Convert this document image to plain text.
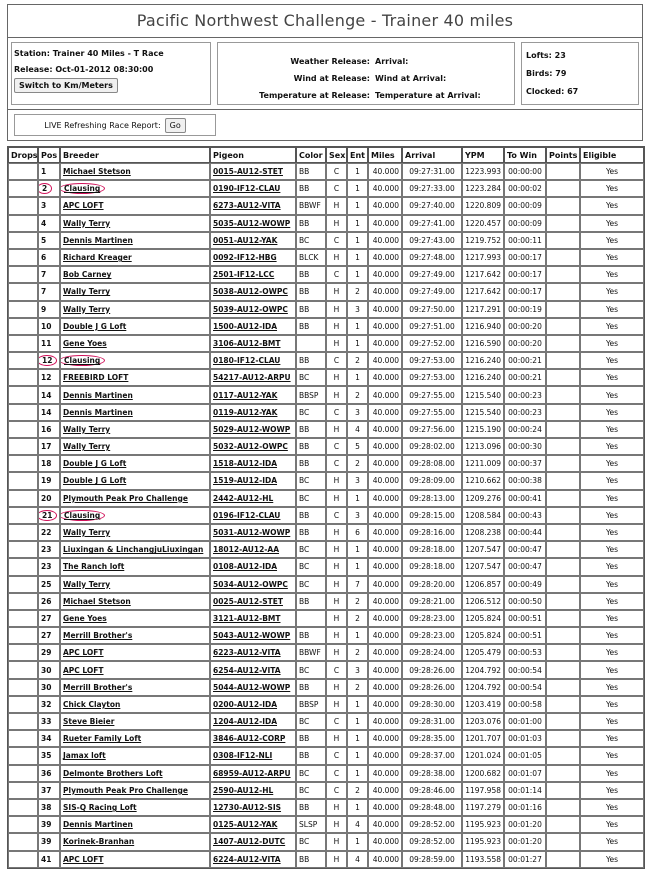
Pacific Northwest Challenge - Trainer 40 miles
Station: Trainer 40 Miles - T Race
Release: Oct-01-2012 08:30:00
Switch to Km/Meters
Weather Release: Arrival:
Wind at Release: Wind at Arrival:
Temperature at Release: Temperature at Arrival:
Lofts: 23
Birds: 79
Clocked: 67
LIVE Refreshing Race Report:	Go
Drops	Pos	Breeder	Pigeon	Color	Sex	Ent	Miles	Arrival	YPM	To Win	Points	Eligible
	1	Michael Stetson	0015-AU12-STET	BB	C	1	40.000	09:27:31.00	1223.993	00:00:00		Yes
	2	Clausing	0190-IF12-CLAU	BB	C	1	40.000	09:27:33.00	1223.284	00:00:02		Yes
	3	APC LOFT	6273-AU12-VITA	BBWF	H	1	40.000	09:27:40.00	1220.809	00:00:09		Yes
	4	Wally Terry	5035-AU12-WOWP	BB	H	1	40.000	09:27:41.00	1220.457	00:00:09		Yes
	5	Dennis Martinen	0051-AU12-YAK	BC	C	1	40.000	09:27:43.00	1219.752	00:00:11		Yes
	6	Richard Kreager	0092-IF12-HBG	BLCK	H	1	40.000	09:27:48.00	1217.993	00:00:17		Yes
	7	Bob Carney	2501-IF12-LCC	BB	C	1	40.000	09:27:49.00	1217.642	00:00:17		Yes
	7	Wally Terry	5038-AU12-OWPC	BB	H	2	40.000	09:27:49.00	1217.642	00:00:17		Yes
	9	Wally Terry	5039-AU12-OWPC	BB	H	3	40.000	09:27:50.00	1217.291	00:00:19		Yes
	10	Double J G Loft	1500-AU12-IDA	BB	H	1	40.000	09:27:51.00	1216.940	00:00:20		Yes
	11	Gene Yoes	3106-AU12-BMT		H	1	40.000	09:27:52.00	1216.590	00:00:20		Yes
	12	Clausing	0180-IF12-CLAU	BB	C	2	40.000	09:27:53.00	1216.240	00:00:21		Yes
	12	FREEBIRD LOFT	54217-AU12-ARPU	BC	H	1	40.000	09:27:53.00	1216.240	00:00:21		Yes
	14	Dennis Martinen	0117-AU12-YAK	BBSP	H	2	40.000	09:27:55.00	1215.540	00:00:23		Yes
	14	Dennis Martinen	0119-AU12-YAK	BC	C	3	40.000	09:27:55.00	1215.540	00:00:23		Yes
	16	Wally Terry	5029-AU12-WOWP	BB	H	4	40.000	09:27:56.00	1215.190	00:00:24		Yes
	17	Wally Terry	5032-AU12-OWPC	BB	C	5	40.000	09:28:02.00	1213.096	00:00:30		Yes
	18	Double J G Loft	1518-AU12-IDA	BB	C	2	40.000	09:28:08.00	1211.009	00:00:37		Yes
	19	Double J G Loft	1519-AU12-IDA	BC	H	3	40.000	09:28:09.00	1210.662	00:00:38		Yes
	20	Plymouth Peak Pro Challenge	2442-AU12-HL	BC	H	1	40.000	09:28:13.00	1209.276	00:00:41		Yes
	21	Clausing	0196-IF12-CLAU	BB	C	3	40.000	09:28:15.00	1208.584	00:00:43		Yes
	22	Wally Terry	5031-AU12-WOWP	BB	H	6	40.000	09:28:16.00	1208.238	00:00:44		Yes
	23	Liuxingan & LinchangjuLiuxingan	18012-AU12-AA	BC	H	1	40.000	09:28:18.00	1207.547	00:00:47		Yes
	23	The Ranch loft	0108-AU12-IDA	BC	H	1	40.000	09:28:18.00	1207.547	00:00:47		Yes
	25	Wally Terry	5034-AU12-OWPC	BC	H	7	40.000	09:28:20.00	1206.857	00:00:49		Yes
	26	Michael Stetson	0025-AU12-STET	BB	H	2	40.000	09:28:21.00	1206.512	00:00:50		Yes
	27	Gene Yoes	3121-AU12-BMT		H	2	40.000	09:28:23.00	1205.824	00:00:51		Yes
	27	Merrill Brother's	5043-AU12-WOWP	BB	H	1	40.000	09:28:23.00	1205.824	00:00:51		Yes
	29	APC LOFT	6223-AU12-VITA	BBWF	H	2	40.000	09:28:24.00	1205.479	00:00:53		Yes
	30	APC LOFT	6254-AU12-VITA	BC	C	3	40.000	09:28:26.00	1204.792	00:00:54		Yes
	30	Merrill Brother's	5044-AU12-WOWP	BB	H	2	40.000	09:28:26.00	1204.792	00:00:54		Yes
	32	Chick Clayton	0200-AU12-IDA	BBSP	H	1	40.000	09:28:30.00	1203.419	00:00:58		Yes
	33	Steve Bieier	1204-AU12-IDA	BC	C	1	40.000	09:28:31.00	1203.076	00:01:00		Yes
	34	Rueter Family Loft	3846-AU12-CORP	BB	H	1	40.000	09:28:35.00	1201.707	00:01:03		Yes
	35	Jamax loft	0308-IF12-NLI	BB	C	1	40.000	09:28:37.00	1201.024	00:01:05		Yes
	36	Delmonte Brothers Loft	68959-AU12-ARPU	BC	C	1	40.000	09:28:38.00	1200.682	00:01:07		Yes
	37	Plymouth Peak Pro Challenge	2590-AU12-HL	BC	C	2	40.000	09:28:46.00	1197.958	00:01:14		Yes
	38	SIS-Q Racing Loft	12730-AU12-SIS	BB	H	1	40.000	09:28:48.00	1197.279	00:01:16		Yes
	39	Dennis Martinen	0125-AU12-YAK	SLSP	H	4	40.000	09:28:52.00	1195.923	00:01:20		Yes
	39	Korinek-Branhan	1407-AU12-DUTC	BC	H	1	40.000	09:28:52.00	1195.923	00:01:20		Yes
	41	APC LOFT	6224-AU12-VITA	BB	H	4	40.000	09:28:59.00	1193.558	00:01:27		Yes
